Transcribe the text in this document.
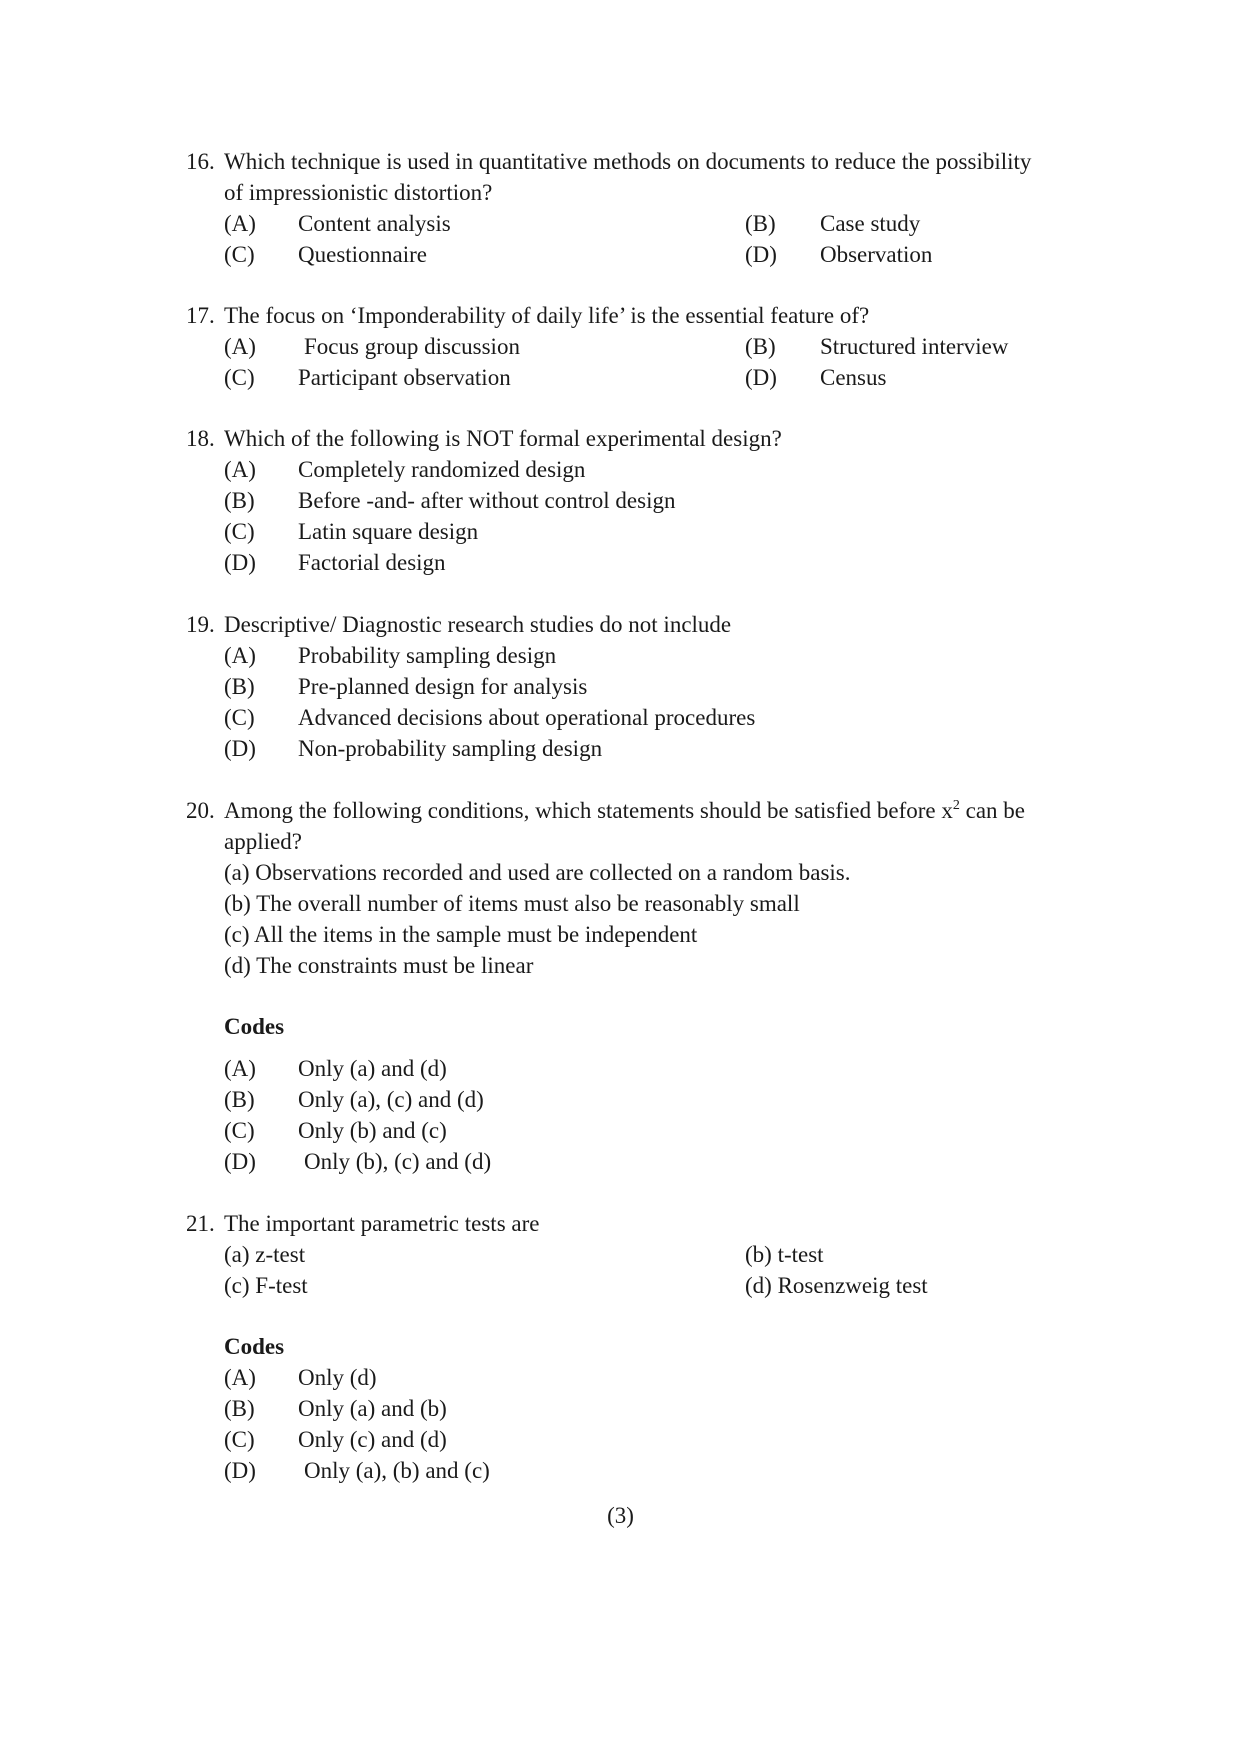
16. Which technique is used in quantitative methods on documents to reduce the possibility
of impressionistic distortion?
(A) Content analysis	(B) Case study
(C) Questionnaire	(D) Observation
17. The focus on ‘Imponderability of daily life’ is the essential feature of?
(A) Focus group discussion	(B) Structured interview
(C) Participant observation	(D) Census
18. Which of the following is NOT formal experimental design?
(A) Completely randomized design
(B) Before -and- after without control design
(C) Latin square design
(D) Factorial design
19. Descriptive/ Diagnostic research studies do not include
(A) Probability sampling design
(B) Pre-planned design for analysis
(C) Advanced decisions about operational procedures
(D) Non-probability sampling design
20. Among the following conditions, which statements should be satisfied before $x^2$ can be
applied?
(a) Observations recorded and used are collected on a random basis.
(b) The overall number of items must also be reasonably small
(c) All the items in the sample must be independent
(d) The constraints must be linear
Codes
(A) Only (a) and (d)
(B) Only (a), (c) and (d)
(C) Only (b) and (c)
(D) Only (b), (c) and (d)
21. The important parametric tests are
(a) z-test	(b) t-test
(c) F-test	(d) Rosenzweig test
Codes
(A) Only (d)
(B) Only (a) and (b)
(C) Only (c) and (d)
(D) Only (a), (b) and (c)
(3)
